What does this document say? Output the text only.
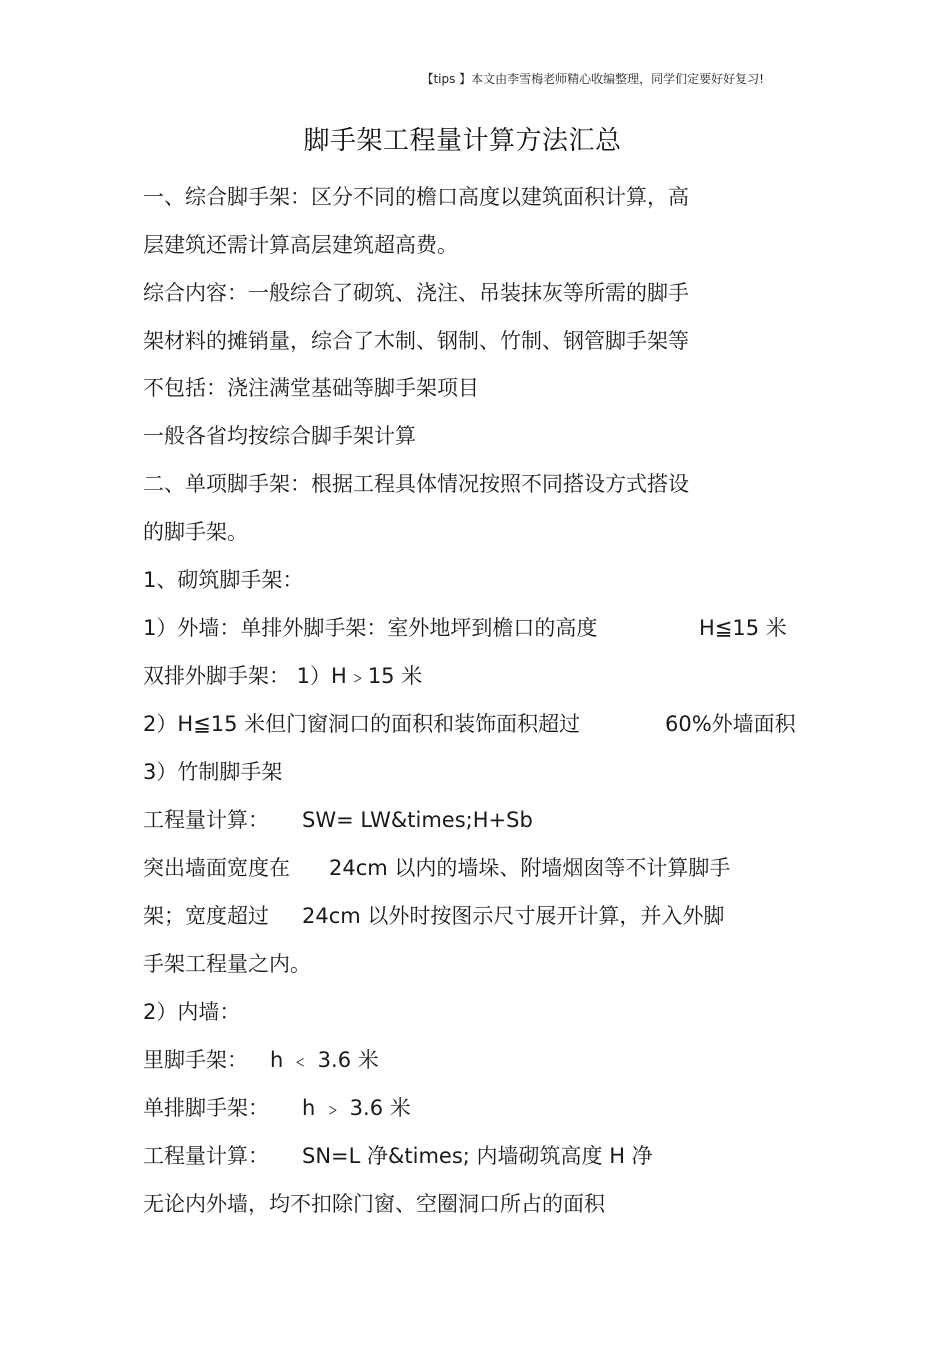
【tips 】本文由李雪梅老师精心收编整理，同学们定要好好复习!
脚手架工程量计算方法汇总
一、综合脚手架：区分不同的檐口高度以建筑面积计算，高
层建筑还需计算高层建筑超高费。
综合内容：一般综合了砌筑、浇注、吊装抹灰等所需的脚手
架材料的摊销量，综合了木制、钢制、竹制、钢管脚手架等
不包括：浇注满堂基础等脚手架项目
一般各省均按综合脚手架计算
二、单项脚手架：根据工程具体情况按照不同搭设方式搭设
的脚手架。
1、砌筑脚手架：
1）外墙：单排外脚手架：室外地坪到檐口的高度	H≦15 米
双排外脚手架： 1）H﹥15 米
2）H≦15 米但门窗洞口的面积和装饰面积超过	60%外墙面积
3）竹制脚手架
工程量计算： SW= LW&times;H+Sb
突出墙面宽度在 24cm 以内的墙垛、附墙烟囱等不计算脚手
架；宽度超过 24cm 以外时按图示尺寸展开计算，并入外脚
手架工程量之内。
2）内墙：
里脚手架： h ﹤ 3.6 米
单排脚手架： h ﹥ 3.6 米
工程量计算： SN=L 净&times; 内墙砌筑高度 H 净
无论内外墙，均不扣除门窗、空圈洞口所占的面积
